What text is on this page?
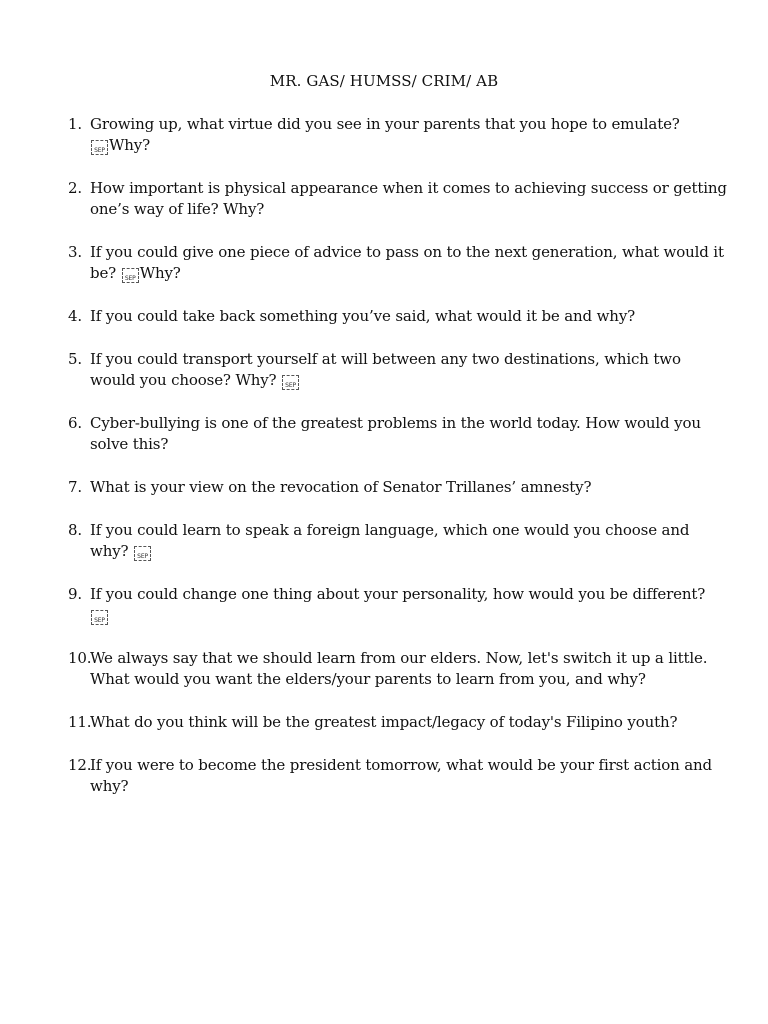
MR. GAS/ HUMSS/ CRIM/ AB
1. Growing up, what virtue did you see in your parents that you hope to emulate?

SEP Why?
2. How important is physical appearance when it comes to achieving success or getting one’s way of life? Why?
3. If you could give one piece of advice to pass on to the next generation, what would it be?
SEP Why?
4. If you could take back something you’ve said, what would it be and why?
5. If you could transport yourself at will between any two destinations, which two would you choose? Why?
SEP
6. Cyber-bullying is one of the greatest problems in the world today. How would you solve this?
7. What is your view on the revocation of Senator Trillanes’ amnesty?
8. If you could learn to speak a foreign language, which one would you choose and why?
SEP
9. If you could change one thing about your personality, how would you be different?

SEP
10.
We always say that we should learn from our elders. Now, let's switch it up a little. What would you want the elders/your parents to learn from you, and why?
11.
What do you think will be the greatest impact/legacy of today's Filipino youth?
12.
If you were to become the president tomorrow, what would be your first action and why?
